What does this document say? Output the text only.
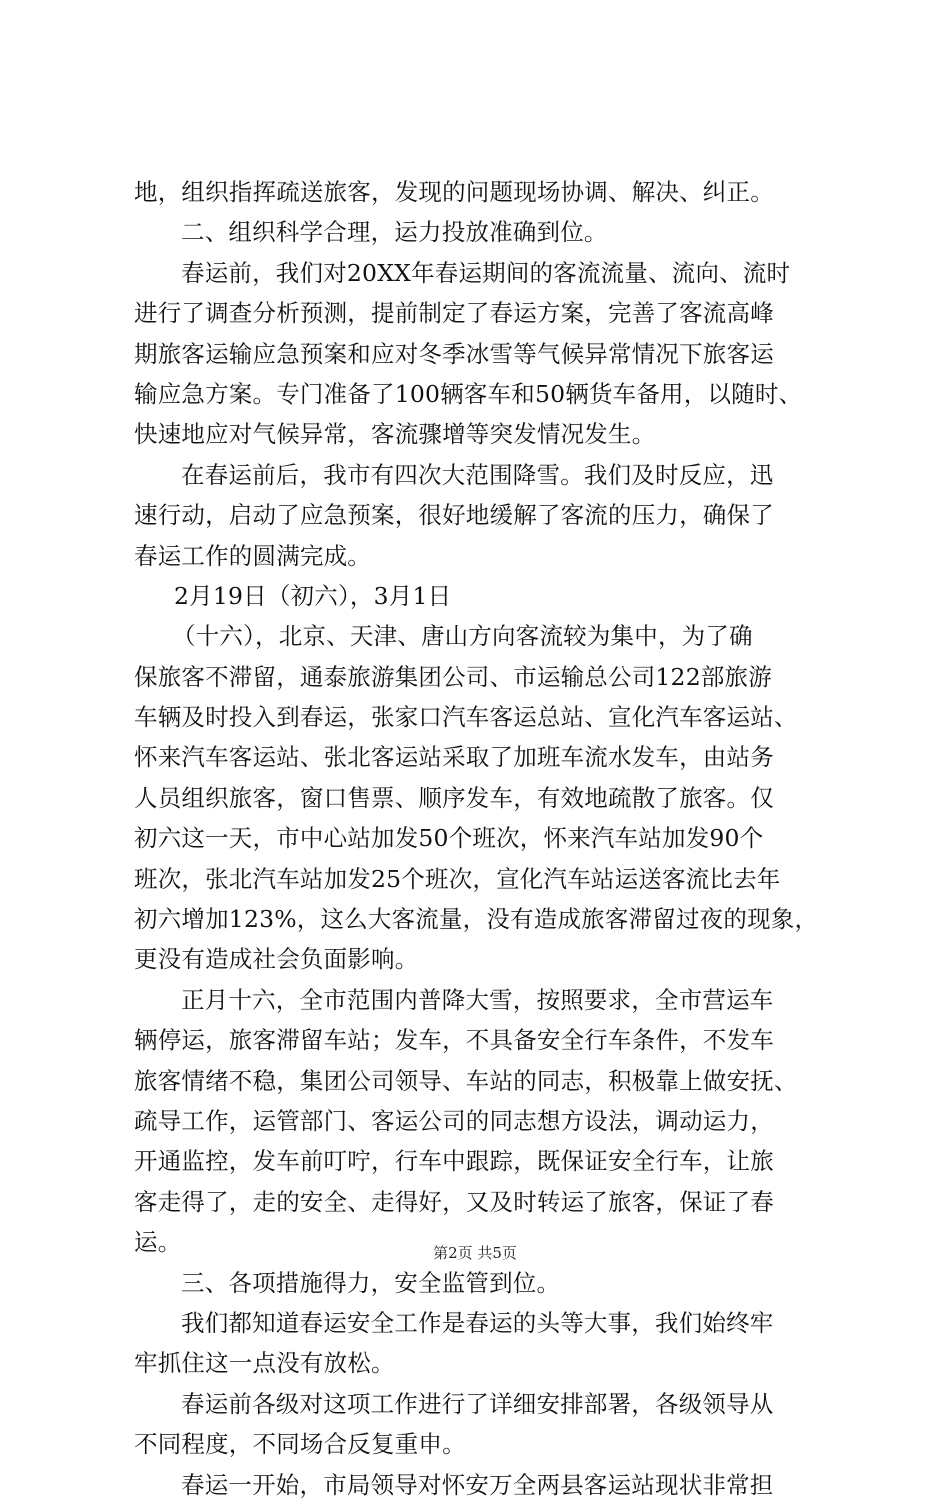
地，组织指挥疏送旅客，发现的问题现场协调、解决、纠正。
二、组织科学合理，运力投放准确到位。
春运前，我们对20XX年春运期间的客流流量、流向、流时
进行了调查分析预测，提前制定了春运方案，完善了客流高峰
期旅客运输应急预案和应对冬季冰雪等气候异常情况下旅客运
输应急方案。专门准备了100辆客车和50辆货车备用，以随时、
快速地应对气候异常，客流骤增等突发情况发生。
在春运前后，我市有四次大范围降雪。我们及时反应，迅
速行动，启动了应急预案，很好地缓解了客流的压力，确保了
春运工作的圆满完成。
2月19日（初六），3月1日
（十六），北京、天津、唐山方向客流较为集中，为了确
保旅客不滞留，通泰旅游集团公司、市运输总公司122部旅游
车辆及时投入到春运，张家口汽车客运总站、宣化汽车客运站、
怀来汽车客运站、张北客运站采取了加班车流水发车，由站务
人员组织旅客，窗口售票、顺序发车，有效地疏散了旅客。仅
初六这一天，市中心站加发50个班次，怀来汽车站加发90个
班次，张北汽车站加发25个班次，宣化汽车站运送客流比去年
初六增加123%，这么大客流量，没有造成旅客滞留过夜的现象，
更没有造成社会负面影响。
正月十六，全市范围内普降大雪，按照要求，全市营运车
辆停运，旅客滞留车站；发车，不具备安全行车条件，不发车
旅客情绪不稳，集团公司领导、车站的同志，积极靠上做安抚、
疏导工作，运管部门、客运公司的同志想方设法，调动运力，
开通监控，发车前叮咛，行车中跟踪，既保证安全行车，让旅
客走得了，走的安全、走得好，又及时转运了旅客，保证了春
运。
三、各项措施得力，安全监管到位。
我们都知道春运安全工作是春运的头等大事，我们始终牢
牢抓住这一点没有放松。
春运前各级对这项工作进行了详细安排部署，各级领导从
不同程度，不同场合反复重申。
春运一开始，市局领导对怀安万全两县客运站现状非常担
第2页 共5页
